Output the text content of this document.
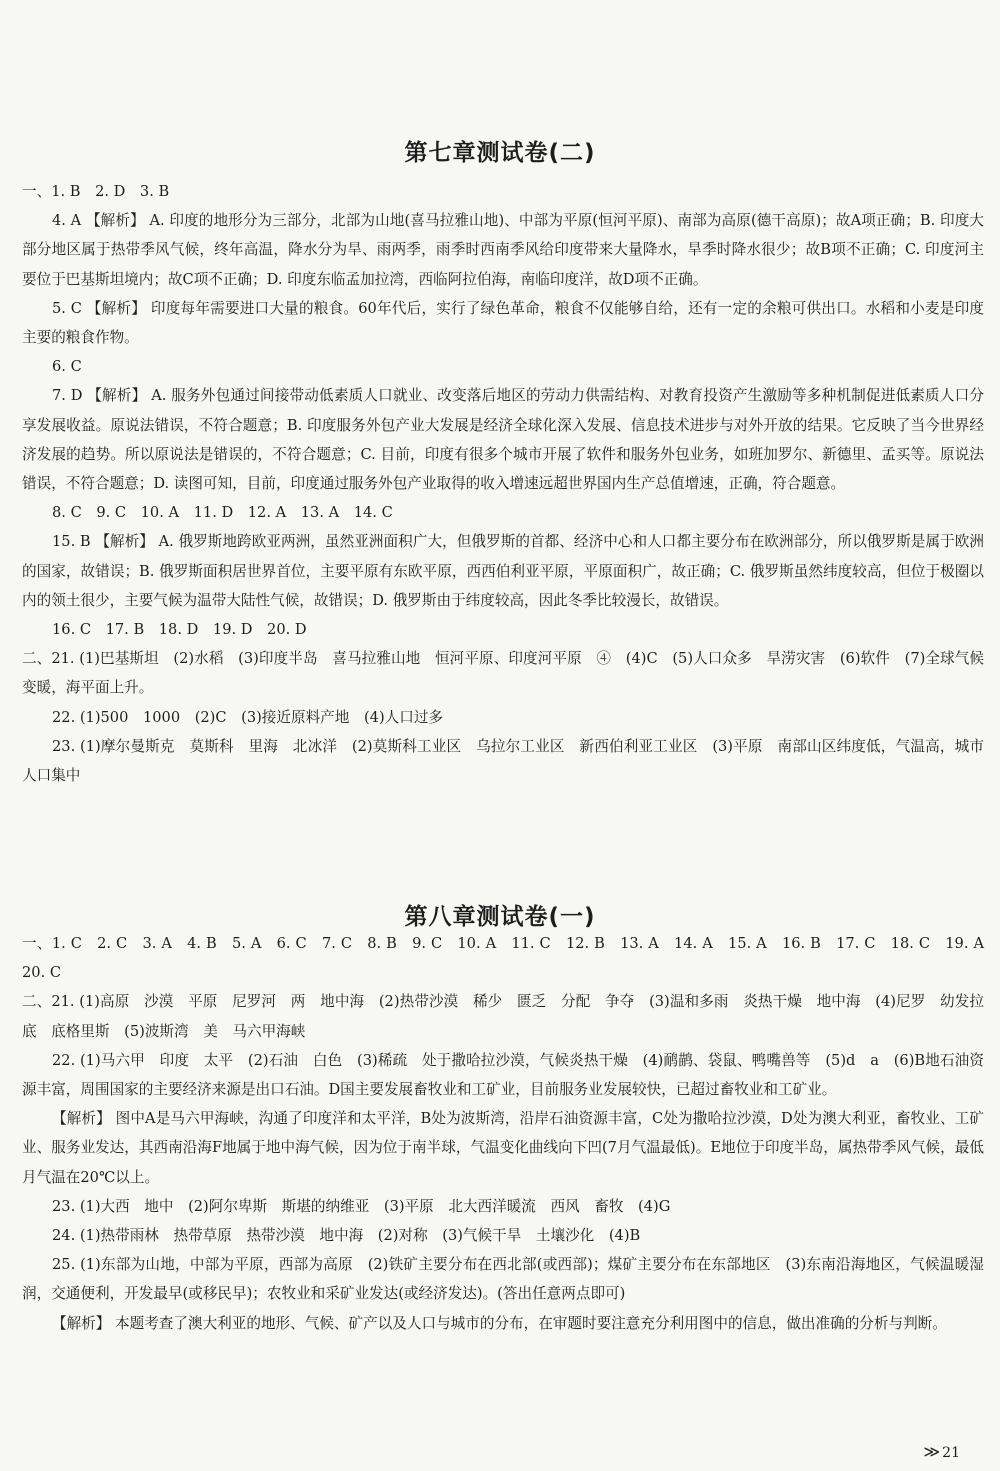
第七章测试卷(二)

一、1. B　2. D　3. B

4. A 【解析】 A. 印度的地形分为三部分，北部为山地(喜马拉雅山地)、中部为平原(恒河平原)、南部为高原(德干高原)；故A项正确；B. 印度大部分地区属于热带季风气候，终年高温，降水分为旱、雨两季，雨季时西南季风给印度带来大量降水，旱季时降水很少；故B项不正确；C. 印度河主要位于巴基斯坦境内；故C项不正确；D. 印度东临孟加拉湾，西临阿拉伯海，南临印度洋，故D项不正确。

5. C 【解析】 印度每年需要进口大量的粮食。60年代后，实行了绿色革命，粮食不仅能够自给，还有一定的余粮可供出口。水稻和小麦是印度主要的粮食作物。

6. C

7. D 【解析】 A. 服务外包通过间接带动低素质人口就业、改变落后地区的劳动力供需结构、对教育投资产生激励等多种机制促进低素质人口分享发展收益。原说法错误，不符合题意；B. 印度服务外包产业大发展是经济全球化深入发展、信息技术进步与对外开放的结果。它反映了当今世界经济发展的趋势。所以原说法是错误的，不符合题意；C. 目前，印度有很多个城市开展了软件和服务外包业务，如班加罗尔、新德里、孟买等。原说法错误，不符合题意；D. 读图可知，目前，印度通过服务外包产业取得的收入增速远超世界国内生产总值增速，正确，符合题意。

8. C　9. C　10. A　11. D　12. A　13. A　14. C

15. B 【解析】 A. 俄罗斯地跨欧亚两洲，虽然亚洲面积广大，但俄罗斯的首都、经济中心和人口都主要分布在欧洲部分，所以俄罗斯是属于欧洲的国家，故错误；B. 俄罗斯面积居世界首位，主要平原有东欧平原，西西伯利亚平原，平原面积广，故正确；C. 俄罗斯虽然纬度较高，但位于极圈以内的领土很少，主要气候为温带大陆性气候，故错误；D. 俄罗斯由于纬度较高，因此冬季比较漫长，故错误。

16. C　17. B　18. D　19. D　20. D

二、21. (1)巴基斯坦　(2)水稻　(3)印度半岛　喜马拉雅山地　恒河平原、印度河平原　④　(4)C　(5)人口众多　旱涝灾害　(6)软件　(7)全球气候变暖，海平面上升。

22. (1)500　1000　(2)C　(3)接近原料产地　(4)人口过多

23. (1)摩尔曼斯克　莫斯科　里海　北冰洋　(2)莫斯科工业区　乌拉尔工业区　新西伯利亚工业区　(3)平原　南部山区纬度低，气温高，城市人口集中

第八章测试卷(一)

一、1. C　2. C　3. A　4. B　5. A　6. C　7. C　8. B　9. C　10. A　11. C　12. B　13. A　14. A　15. A　16. B　17. C　18. C　19. A　20. C

二、21. (1)高原　沙漠　平原　尼罗河　两　地中海　(2)热带沙漠　稀少　匮乏　分配　争夺　(3)温和多雨　炎热干燥　地中海　(4)尼罗　幼发拉底　底格里斯　(5)波斯湾　美　马六甲海峡

22. (1)马六甲　印度　太平　(2)石油　白色　(3)稀疏　处于撒哈拉沙漠，气候炎热干燥　(4)鸸鹋、袋鼠、鸭嘴兽等　(5)d　a　(6)B地石油资源丰富，周围国家的主要经济来源是出口石油。D国主要发展畜牧业和工矿业，目前服务业发展较快，已超过畜牧业和工矿业。

【解析】 图中A是马六甲海峡，沟通了印度洋和太平洋，B处为波斯湾，沿岸石油资源丰富，C处为撒哈拉沙漠，D处为澳大利亚，畜牧业、工矿业、服务业发达，其西南沿海F地属于地中海气候，因为位于南半球，气温变化曲线向下凹(7月气温最低)。E地位于印度半岛，属热带季风气候，最低月气温在20℃以上。

23. (1)大西　地中　(2)阿尔卑斯　斯堪的纳维亚　(3)平原　北大西洋暖流　西风　畜牧　(4)G

24. (1)热带雨林　热带草原　热带沙漠　地中海　(2)对称　(3)气候干旱　土壤沙化　(4)B

25. (1)东部为山地，中部为平原，西部为高原　(2)铁矿主要分布在西北部(或西部)；煤矿主要分布在东部地区　(3)东南沿海地区，气候温暖湿润，交通便利，开发最早(或移民早)；农牧业和采矿业发达(或经济发达)。(答出任意两点即可)

【解析】 本题考查了澳大利亚的地形、气候、矿产以及人口与城市的分布，在审题时要注意充分利用图中的信息，做出准确的分析与判断。

≫ 21
